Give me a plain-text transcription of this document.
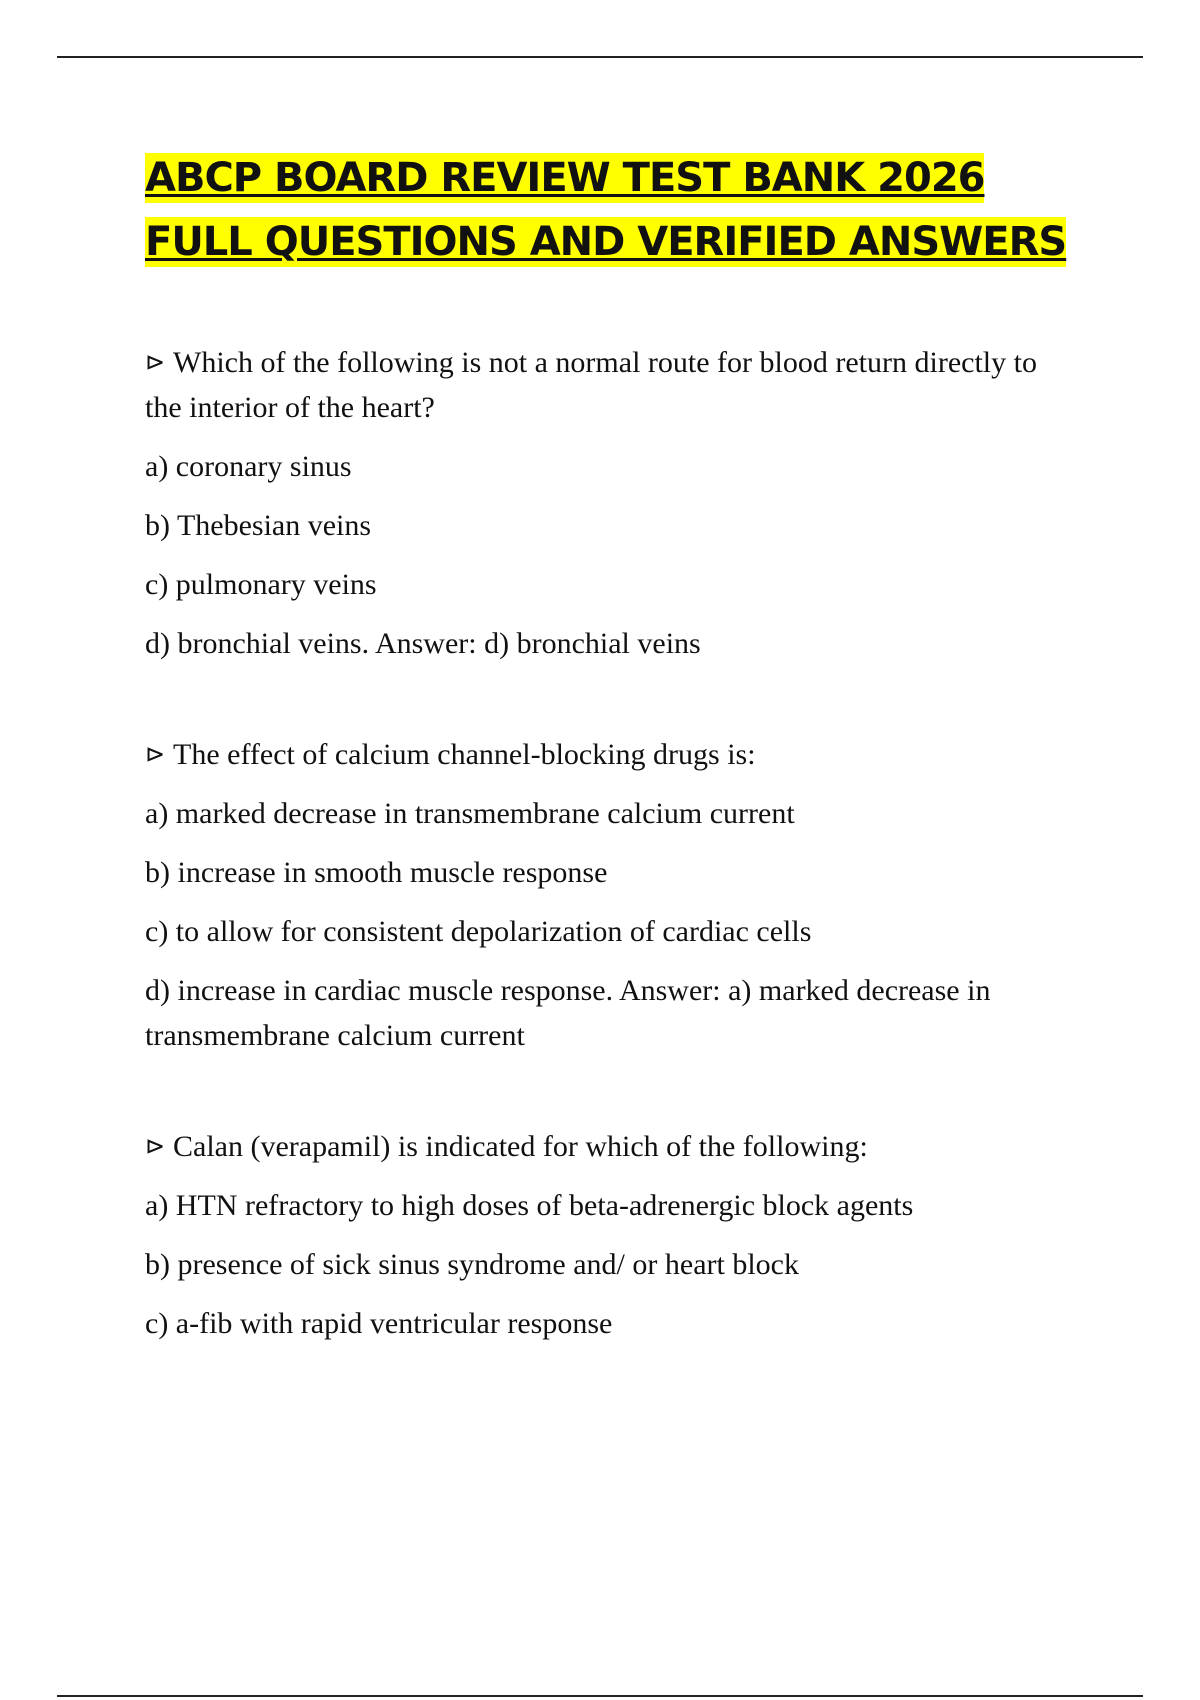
ABCP BOARD REVIEW TEST BANK 2026
FULL QUESTIONS AND VERIFIED ANSWERS

⊳ Which of the following is not a normal route for blood return directly to the interior of the heart?

a) coronary sinus

b) Thebesian veins

c) pulmonary veins

d) bronchial veins. Answer: d) bronchial veins

⊳ The effect of calcium channel-blocking drugs is:

a) marked decrease in transmembrane calcium current

b) increase in smooth muscle response

c) to allow for consistent depolarization of cardiac cells

d) increase in cardiac muscle response. Answer: a) marked decrease in transmembrane calcium current

⊳ Calan (verapamil) is indicated for which of the following:

a) HTN refractory to high doses of beta-adrenergic block agents

b) presence of sick sinus syndrome and/ or heart block

c) a-fib with rapid ventricular response
